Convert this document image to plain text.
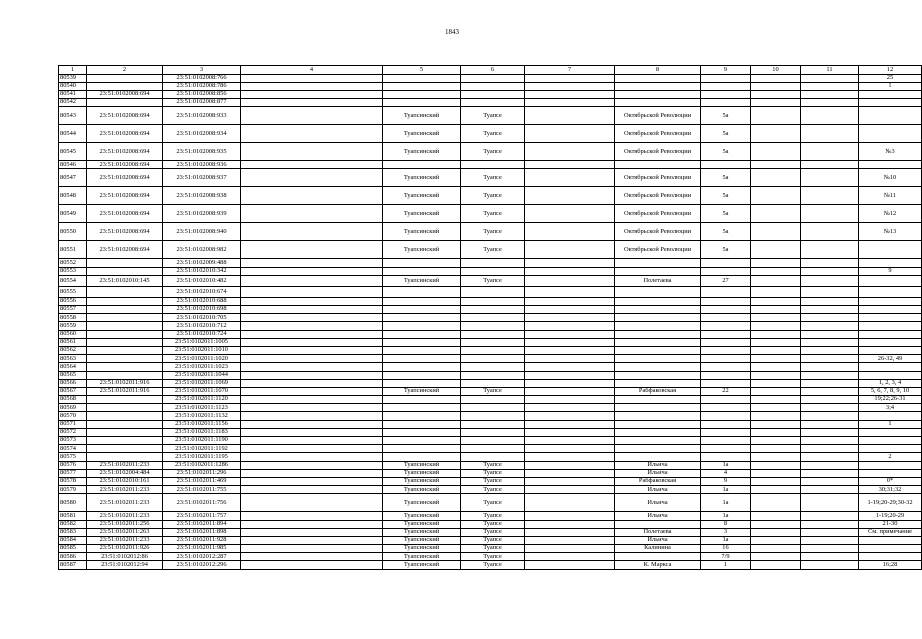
1843
1	2	3	4	5	6	7	8	9	10	11	12
80539		23:51:0102008:766									25
80540		23:51:0102008:786									1
80541	23:51:0102008:694	23:51:0102008:856									
80542		23:51:0102008:877									
80543	23:51:0102008:694	23:51:0102008:933		Туапсинский	Туапсе		Октябрьской Революции	5а			
80544	23:51:0102008:694	23:51:0102008:934		Туапсинский	Туапсе		Октябрьской Революции	5а			
80545	23:51:0102008:694	23:51:0102008:935		Туапсинский	Туапсе		Октябрьской Революции	5а			№3
80546	23:51:0102008:694	23:51:0102008:936									
80547	23:51:0102008:694	23:51:0102008:937		Туапсинский	Туапсе		Октябрьской Революции	5а			№10
80548	23:51:0102008:694	23:51:0102008:938		Туапсинский	Туапсе		Октябрьской Революции	5а			№11
80549	23:51:0102008:694	23:51:0102008:939		Туапсинский	Туапсе		Октябрьской Революции	5а			№12
80550	23:51:0102008:694	23:51:0102008:940		Туапсинский	Туапсе		Октябрьской Революции	5а			№13
80551	23:51:0102008:694	23:51:0102008:982		Туапсинский	Туапсе		Октябрьской Революции	5а			
80552		23:51:0102009:488									
80553		23:51:0102010:342									9
80554	23:51:0102010:145	23:51:0102010:482		Туапсинский	Туапсе		Полетаева	27			
80555		23:51:0102010:674									
80556		23:51:0102010:688									
80557		23:51:0102010:698									
80558		23:51:0102010:705									
80559		23:51:0102010:712									
80560		23:51:0102010:724									
80561		23:51:0102011:1005									
80562		23:51:0102011:1010									
80563		23:51:0102011:1020									26-32, 49
80564		23:51:0102011:1023									
80565		23:51:0102011:1044									
80566	23:51:0102011:916	23:51:0102011:1069									1, 2, 3, 4
80567	23:51:0102011:916	23:51:0102011:1070		Туапсинский	Туапсе		Рабфаковская	22			5, 6, 7, 8, 9, 10
80568		23:51:0102011:1120									19;22;26-31
80569		23:51:0102011:1123									3;4
80570		23:51:0102011:1132									
80571		23:51:0102011:1156									1
80572		23:51:0102011:1183									
80573		23:51:0102011:1190									
80574		23:51:0102011:1192									
80575		23:51:0102011:1195									2
80576	23:51:0102011:233	23:51:0102011:1286		Туапсинский	Туапсе		Ильича	1а			
80577	23:51:0102004:484	23:51:0102011:296		Туапсинский	Туапсе		Ильича	4			
80578	23:51:0102010:161	23:51:0102011:469		Туапсинский	Туапсе		Рабфаковская	9			0*
80579	23:51:0102011:233	23:51:0102011:755		Туапсинский	Туапсе		Ильича	1а			30;31;32
80580	23:51:0102011:233	23:51:0102011:756		Туапсинский	Туапсе		Ильича	1а			1-19;20-29;30-32
80581	23:51:0102011:233	23:51:0102011:757		Туапсинский	Туапсе		Ильича	1а			1-19;20-29
80582	23:51:0102011:256	23:51:0102011:894		Туапсинский	Туапсе			8			21-30
80583	23:51:0102011:263	23:51:0102011:898		Туапсинский	Туапсе		Полетаева	3			См. примечание
80584	23:51:0102011:233	23:51:0102011:928		Туапсинский	Туапсе		Ильича	1а			
80585	23:51:0102011:926	23:51:0102011:985		Туапсинский	Туапсе		Калинина	16			
80586	23:51:0102012:86	23:51:0102012:287		Туапсинский	Туапсе			7/9			
80587	23:51:0102012:94	23:51:0102012:296		Туапсинский	Туапсе		К. Маркса	1			16;28
